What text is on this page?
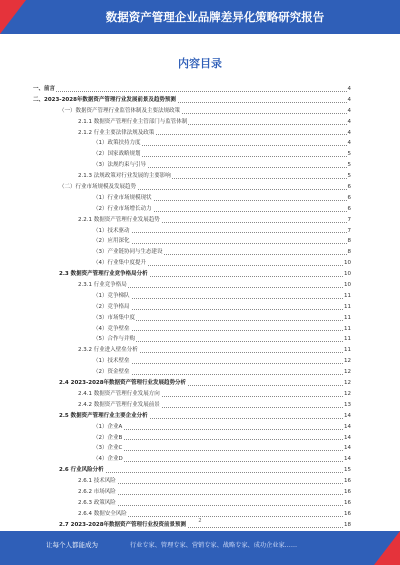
数据资产管理企业品牌差异化策略研究报告
内容目录
一、前言	4
二、2023-2028年数据资产管理行业发展前景及趋势预测	4
（一）数据资产管理行业监管体制及主要法规政策	4
2.1.1 数据资产管理行业主管部门与监管体制	4
2.1.2 行业主要法律法规及政策	4
（1）政策扶持力度	4
（2）国家战略规划	5
（3）法规约束与引导	5
2.1.3 法规政策对行业发展的主要影响	5
（二）行业市场规模及发展趋势	6
（1）行业市场规模现状	6
（2）行业市场增长动力	6
2.2.1 数据资产管理行业发展趋势	7
（1）技术驱动	7
（2）应用深化	8
（3）产业链协同与生态建设	8
（4）行业集中度提升	10
2.3 数据资产管理行业竞争格局分析	10
2.3.1 行业竞争格局	10
（1）竞争梯队	11
（2）竞争格局	11
（3）市场集中度	11
（4）竞争壁垒	11
（5）合作与并购	11
2.3.2 行业进入壁垒分析	11
（1）技术壁垒	12
（2）资金壁垒	12
2.4 2023-2028年数据资产管理行业发展趋势分析	12
2.4.1 数据资产管理行业发展方向	12
2.4.2 数据资产管理行业发展前景	13
2.5 数据资产管理行业主要企业分析	14
（1）企业A	14
（2）企业B	14
（3）企业C	14
（4）企业D	14
2.6 行业风险分析	15
2.6.1 技术风险	16
2.6.2 市场风险	16
2.6.3 政策风险	16
2.6.4 数据安全风险	16
2.7 2023-2028年数据资产管理行业投资前景预测	18
2
让每个人都能成为	行业专家、管理专家、营销专家、战略专家、成功企业家……
